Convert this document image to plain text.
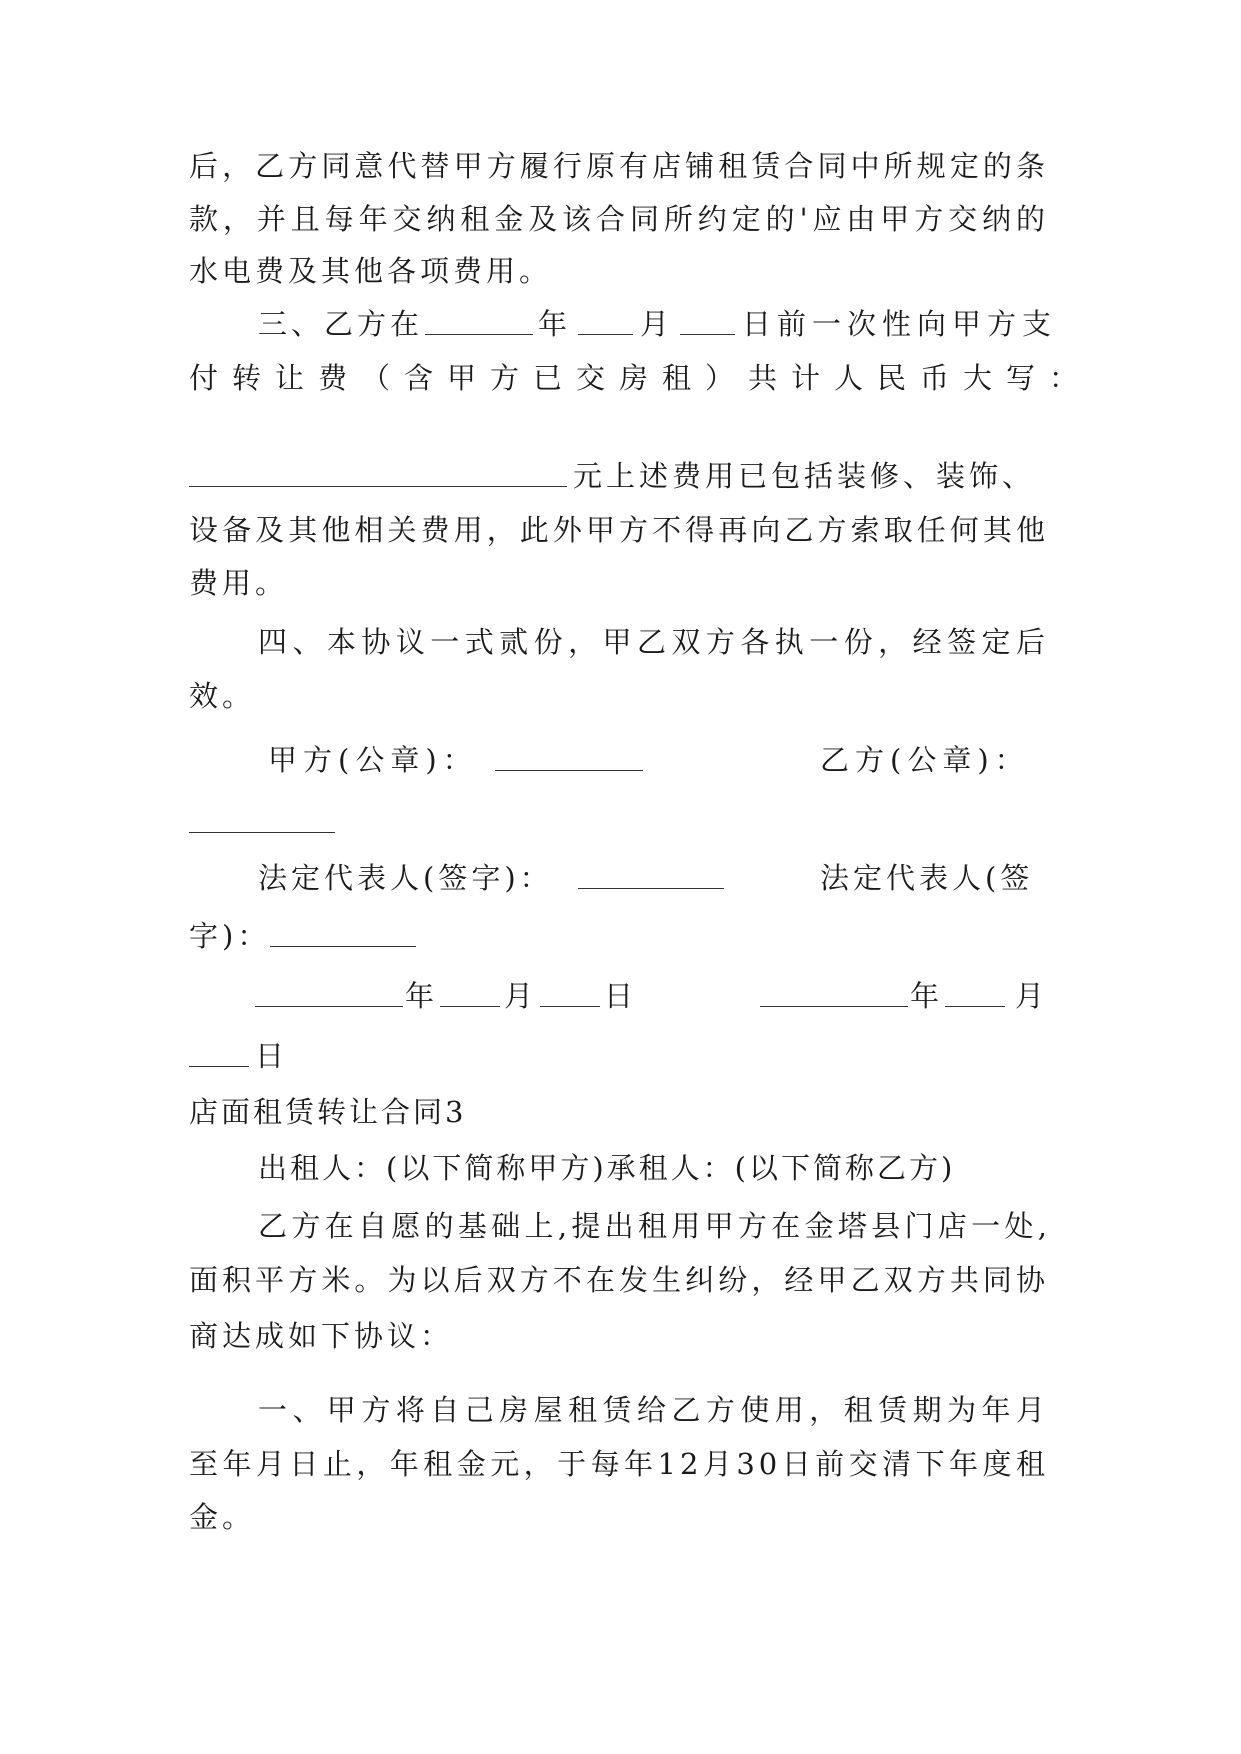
后，乙方同意代替甲方履行原有店铺租赁合同中所规定的条
款，并且每年交纳租金及该合同所约定的'应由甲方交纳的
水电费及其他各项费用。
三、乙方在	年	月	日前一次性向甲方支
付转让费（含甲方已交房租）共计人民币大写：
元上述费用已包括装修、装饰、
设备及其他相关费用，此外甲方不得再向乙方索取任何其他
费用。
四、本协议一式贰份，甲乙双方各执一份，经签定后
效。
甲方(公章)：	乙方(公章)：
法定代表人(签字)：	法定代表人(签
字)：
年	月	日	年	月
日
店面租赁转让合同3
出租人：(以下简称甲方)承租人：(以下简称乙方)
乙方在自愿的基础上,提出租用甲方在金塔县门店一处,
面积平方米。为以后双方不在发生纠纷，经甲乙双方共同协
商达成如下协议：
一、甲方将自己房屋租赁给乙方使用，租赁期为年月
至年月日止，年租金元，于每年12月30日前交清下年度租
金。
